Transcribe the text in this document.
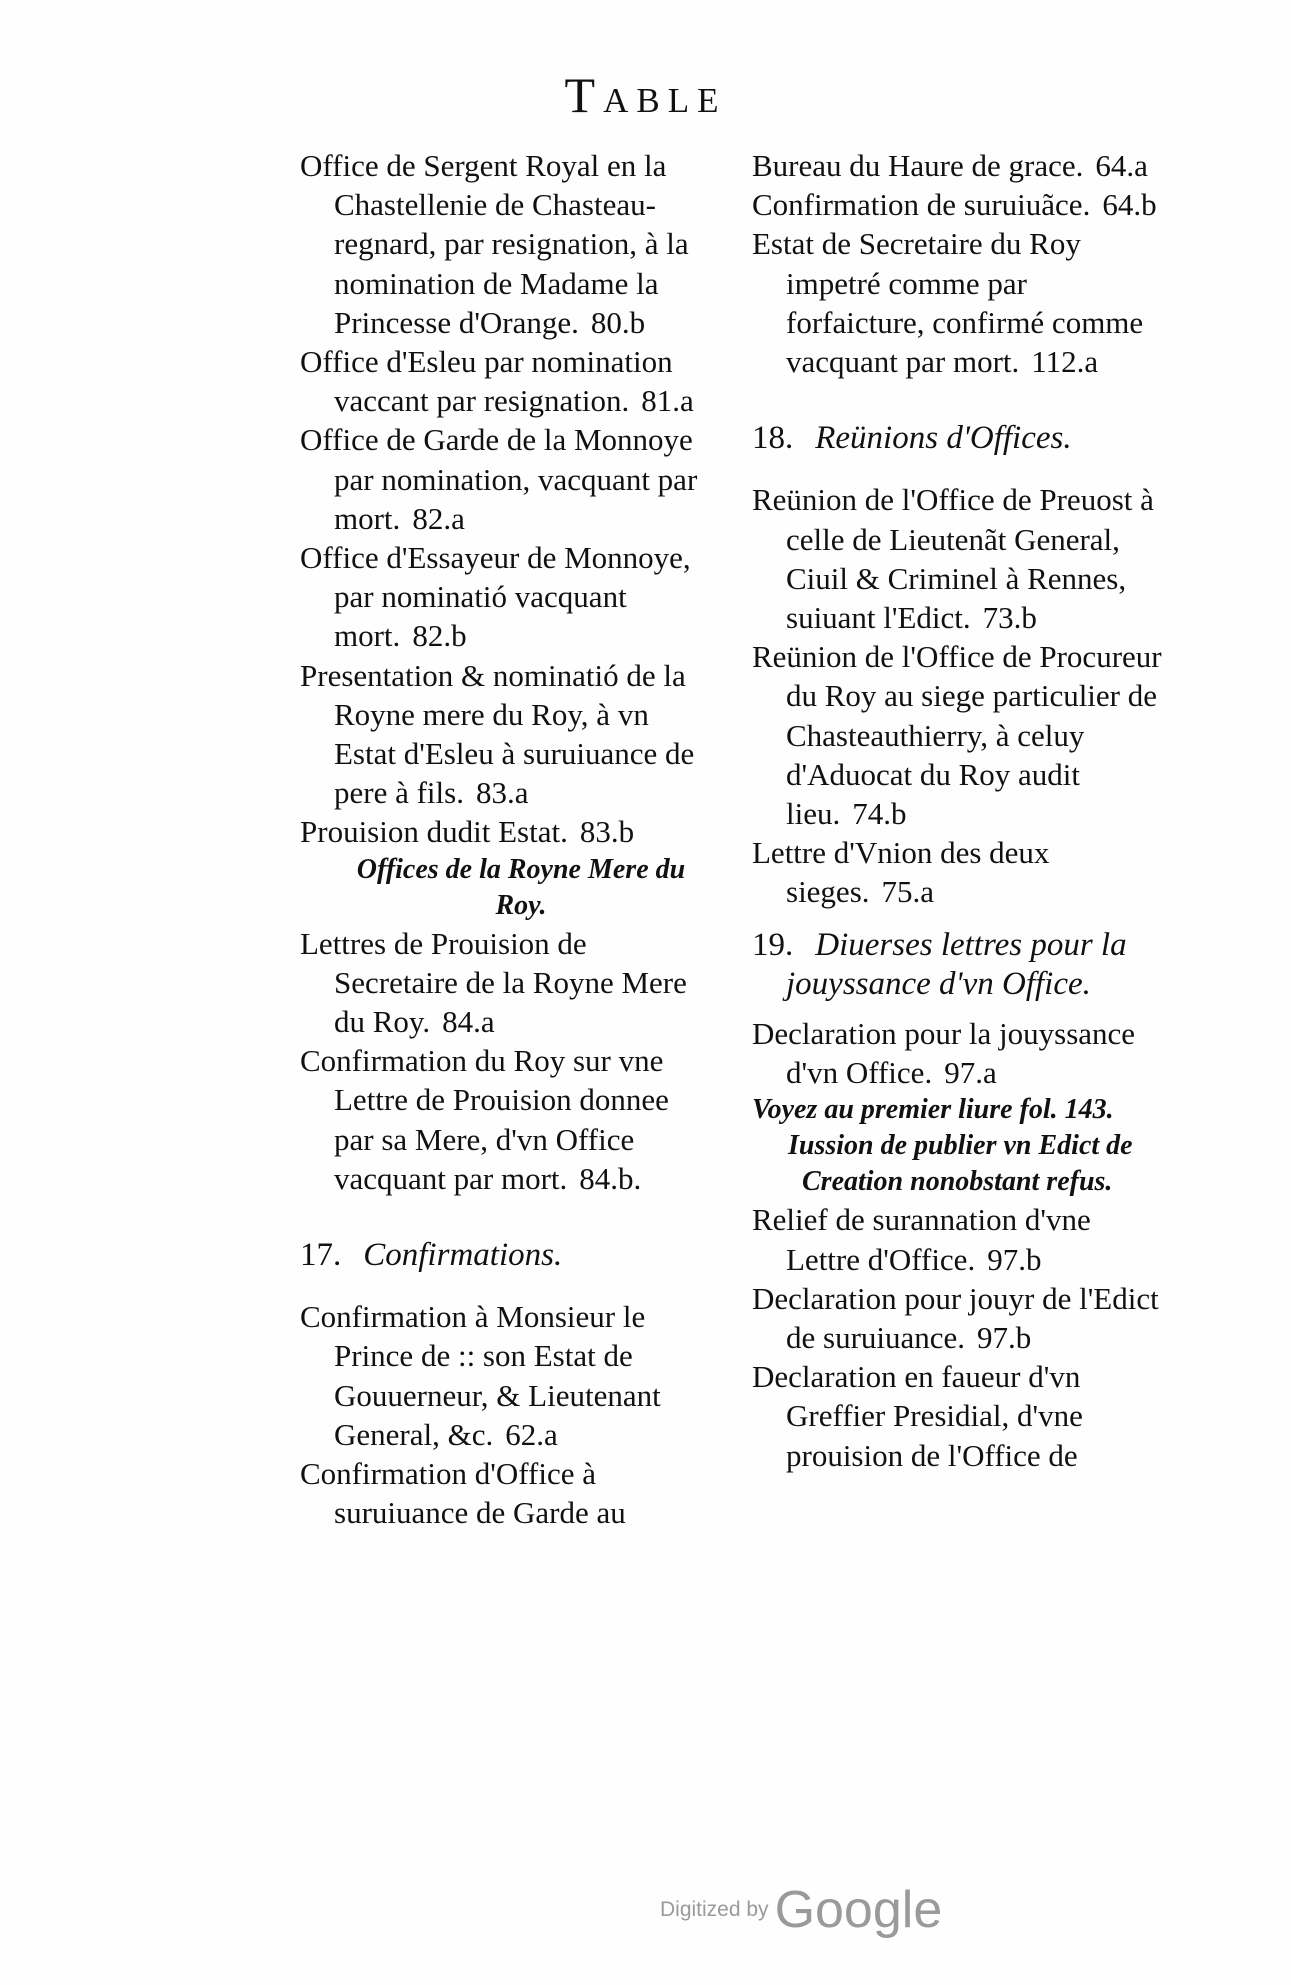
Table
Office de Sergent Royal en la Chastellenie de Chasteau-regnard, par resignation, à la nomination de Madame la Princesse d'Orange. 80.b
Office d'Esleu par nomination vaccant par resignation. 81.a
Office de Garde de la Monnoye par nomination, vacquant par mort. 82.a
Office d'Essayeur de Monnoye, par nominatió vacquant mort. 82.b
Presentation & nominatió de la Royne mere du Roy, à vn Estat d'Esleu à suruiuance de pere à fils. 83.a
Prouision dudit Estat. 83.b
Offices de la Royne Mere du Roy.
Lettres de Prouision de Secretaire de la Royne Mere du Roy. 84.a
Confirmation du Roy sur vne Lettre de Prouision donnee par sa Mere, d'vn Office vacquant par mort. 84.b.
17. Confirmations.
Confirmation à Monsieur le Prince de :: son Estat de Gouuerneur, & Lieutenant General, &c. 62.a
Confirmation d'Office à suruiuance de Garde au
Bureau du Haure de grace. 64.a
Confirmation de suruiuãce. 64.b
Estat de Secretaire du Roy impetré comme par forfaicture, confirmé comme vacquant par mort. 112.a
18. Reünions d'Offices.
Reünion de l'Office de Preuost à celle de Lieutenãt General, Ciuil & Criminel à Rennes, suiuant l'Edict. 73.b
Reünion de l'Office de Procureur du Roy au siege particulier de Chasteauthierry, à celuy d'Aduocat du Roy audit lieu. 74.b
Lettre d'Vnion des deux sieges. 75.a
19. Diuerses lettres pour la jouyssance d'vn Office.
Declaration pour la jouyssance d'vn Office. 97.a
Voyez au premier liure fol. 143.
Iussion de publier vn Edict de Creation nonobstant refus.
Relief de surannation d'vne Lettre d'Office. 97.b
Declaration pour jouyr de l'Edict de suruiuance. 97.b
Declaration en faueur d'vn Greffier Presidial, d'vne prouision de l'Office de
Digitized by Google
